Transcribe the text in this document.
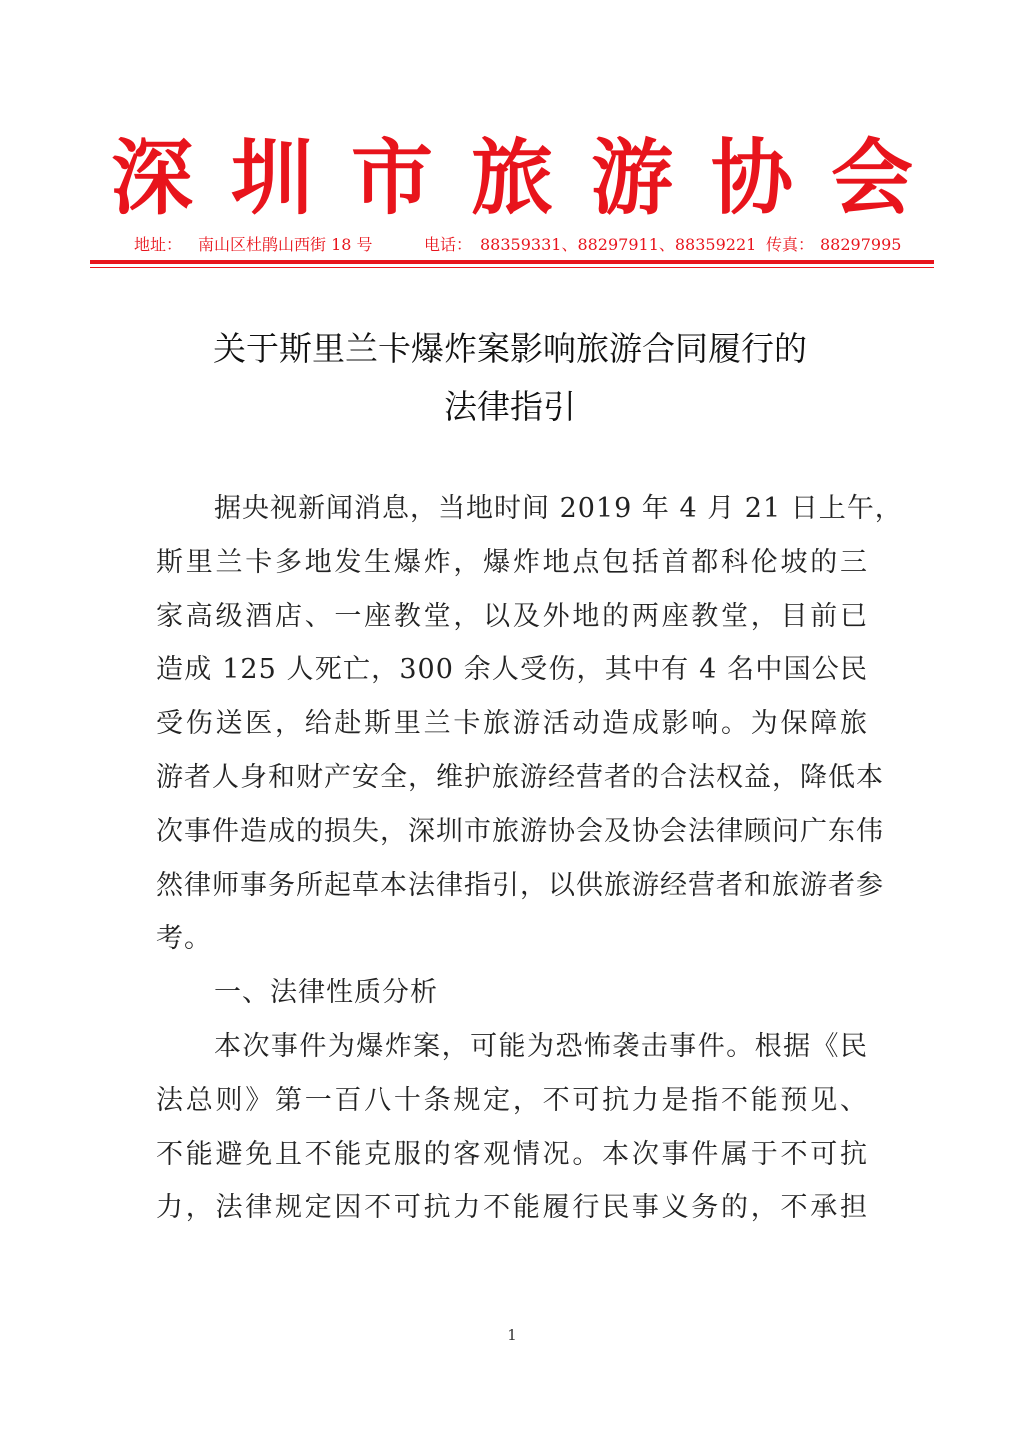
深圳市旅游协会
地址： 南山区杜鹃山西街 18 号	电话： 88359331、88297911、88359221 传真： 88297995
关于斯里兰卡爆炸案影响旅游合同履行的
法律指引
据央视新闻消息，当地时间 2019 年 4 月 21 日上午，
斯里兰卡多地发生爆炸，爆炸地点包括首都科伦坡的三
家高级酒店、一座教堂，以及外地的两座教堂，目前已
造成 125 人死亡，300 余人受伤，其中有 4 名中国公民
受伤送医，给赴斯里兰卡旅游活动造成影响。为保障旅
游者人身和财产安全，维护旅游经营者的合法权益，降低本
次事件造成的损失，深圳市旅游协会及协会法律顾问广东伟
然律师事务所起草本法律指引，以供旅游经营者和旅游者参
考。
一、法律性质分析
本次事件为爆炸案，可能为恐怖袭击事件。根据《民
法总则》第一百八十条规定，不可抗力是指不能预见、
不能避免且不能克服的客观情况。本次事件属于不可抗
力，法律规定因不可抗力不能履行民事义务的，不承担
1
